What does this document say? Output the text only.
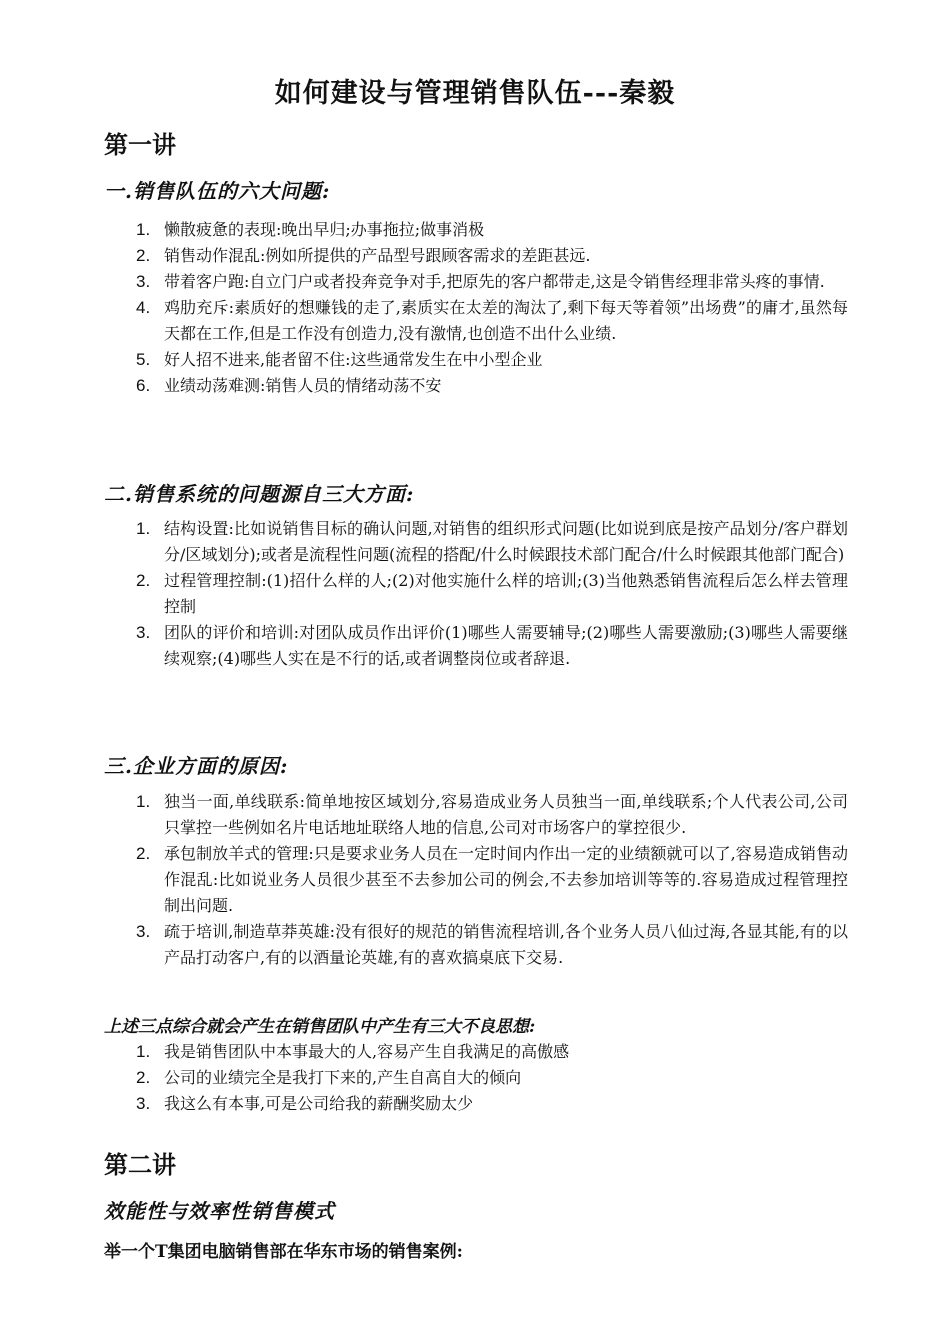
如何建设与管理销售队伍---秦毅
第一讲
一.销售队伍的六大问题:
1. 懒散疲惫的表现:晚出早归;办事拖拉;做事消极
2. 销售动作混乱:例如所提供的产品型号跟顾客需求的差距甚远.
3. 带着客户跑:自立门户或者投奔竞争对手,把原先的客户都带走,这是令销售经理非常头疼的事情.
4. 鸡肋充斥:素质好的想赚钱的走了,素质实在太差的淘汰了,剩下每天等着领”出场费”的庸才,虽然每天都在工作,但是工作没有创造力,没有激情,也创造不出什么业绩.
5. 好人招不进来,能者留不住:这些通常发生在中小型企业
6. 业绩动荡难测:销售人员的情绪动荡不安
二.销售系统的问题源自三大方面:
1. 结构设置:比如说销售目标的确认问题,对销售的组织形式问题(比如说到底是按产品划分/客户群划分/区域划分);或者是流程性问题(流程的搭配/什么时候跟技术部门配合/什么时候跟其他部门配合)
2. 过程管理控制:(1)招什么样的人;(2)对他实施什么样的培训;(3)当他熟悉销售流程后怎么样去管理控制
3. 团队的评价和培训:对团队成员作出评价(1)哪些人需要辅导;(2)哪些人需要激励;(3)哪些人需要继续观察;(4)哪些人实在是不行的话,或者调整岗位或者辞退.
三.企业方面的原因:
1. 独当一面,单线联系:简单地按区域划分,容易造成业务人员独当一面,单线联系;个人代表公司,公司只掌控一些例如名片电话地址联络人地的信息,公司对市场客户的掌控很少.
2. 承包制放羊式的管理:只是要求业务人员在一定时间内作出一定的业绩额就可以了,容易造成销售动作混乱:比如说业务人员很少甚至不去参加公司的例会,不去参加培训等等的.容易造成过程管理控制出问题.
3. 疏于培训,制造草莽英雄:没有很好的规范的销售流程培训,各个业务人员八仙过海,各显其能,有的以产品打动客户,有的以酒量论英雄,有的喜欢搞桌底下交易.
上述三点综合就会产生在销售团队中产生有三大不良思想:
1. 我是销售团队中本事最大的人,容易产生自我满足的高傲感
2. 公司的业绩完全是我打下来的,产生自高自大的倾向
3. 我这么有本事,可是公司给我的薪酬奖励太少
第二讲
效能性与效率性销售模式
举一个T集团电脑销售部在华东市场的销售案例:
